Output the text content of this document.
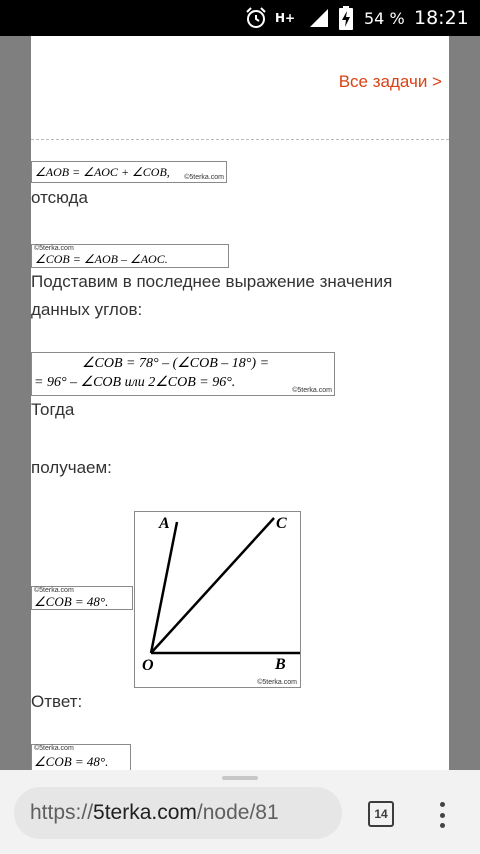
H+	54 % 18:21
Все задачи >
∠AOB = ∠AOC + ∠COB, ©5terka.com
отсюда
©5terka.com
∠COB = ∠AOB – ∠AOC.
Подставим в последнее выражение значения
данных углов:
∠COB = 78° – (∠COB – 18°) =
= 96° – ∠COB или 2∠COB = 96°.
©5terka.com
Тогда
получаем:
©5terka.com
∠COB = 48°.
A	C
O	B
©5terka.com
Ответ:
©5terka.com
∠COB = 48°.
https:// 5terka.com /node/81	14
